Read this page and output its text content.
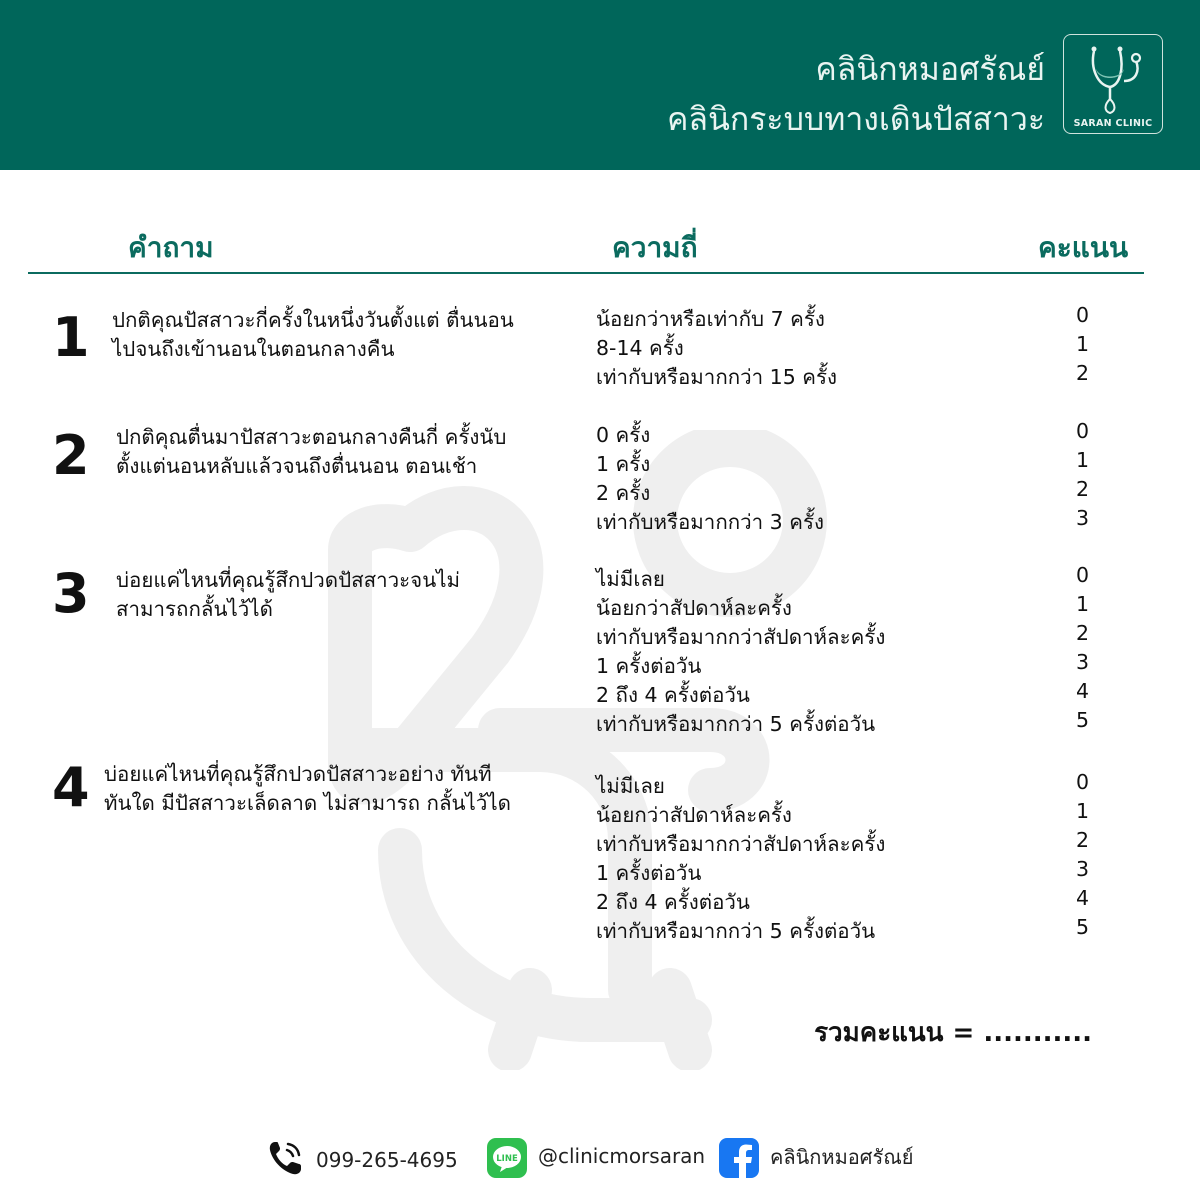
คลินิกหมอศรัณย์
คลินิกระบบทางเดินปัสสาวะ	SARAN CLINIC
คำถาม	ความถี่	คะแนน
1 ปกติคุณปัสสาวะกี่ครั้งในหนึ่งวันตั้งแต่ ตื่นนอน ไปจนถึงเข้านอนในตอนกลางคืน
น้อยกว่าหรือเท่ากับ 7 ครั้ง	0
8-14 ครั้ง	1
เท่ากับหรือมากกว่า 15 ครั้ง	2
2 ปกติคุณตื่นมาปัสสาวะตอนกลางคืนกี่ ครั้งนับตั้งแต่นอนหลับแล้วจนถึงตื่นนอน ตอนเช้า
0 ครั้ง	0
1 ครั้ง	1
2 ครั้ง	2
เท่ากับหรือมากกว่า 3 ครั้ง	3
3 บ่อยแค่ไหนที่คุณรู้สึกปวดปัสสาวะจนไม่ สามารถกลั้นไว้ได้
ไม่มีเลย	0
น้อยกว่าสัปดาห์ละครั้ง	1
เท่ากับหรือมากกว่าสัปดาห์ละครั้ง	2
1 ครั้งต่อวัน	3
2 ถึง 4 ครั้งต่อวัน	4
เท่ากับหรือมากกว่า 5 ครั้งต่อวัน	5
4 บ่อยแค่ไหนที่คุณรู้สึกปวดปัสสาวะอย่าง ทันทีทันใด มีปัสสาวะเล็ดลาด ไม่สามารถ กลั้นไว้ได
ไม่มีเลย	0
น้อยกว่าสัปดาห์ละครั้ง	1
เท่ากับหรือมากกว่าสัปดาห์ละครั้ง	2
1 ครั้งต่อวัน	3
2 ถึง 4 ครั้งต่อวัน	4
เท่ากับหรือมากกว่า 5 ครั้งต่อวัน	5
รวมคะแนน = ...........
099-265-4695	LINE @clinicmorsaran	คลินิกหมอศรัณย์
